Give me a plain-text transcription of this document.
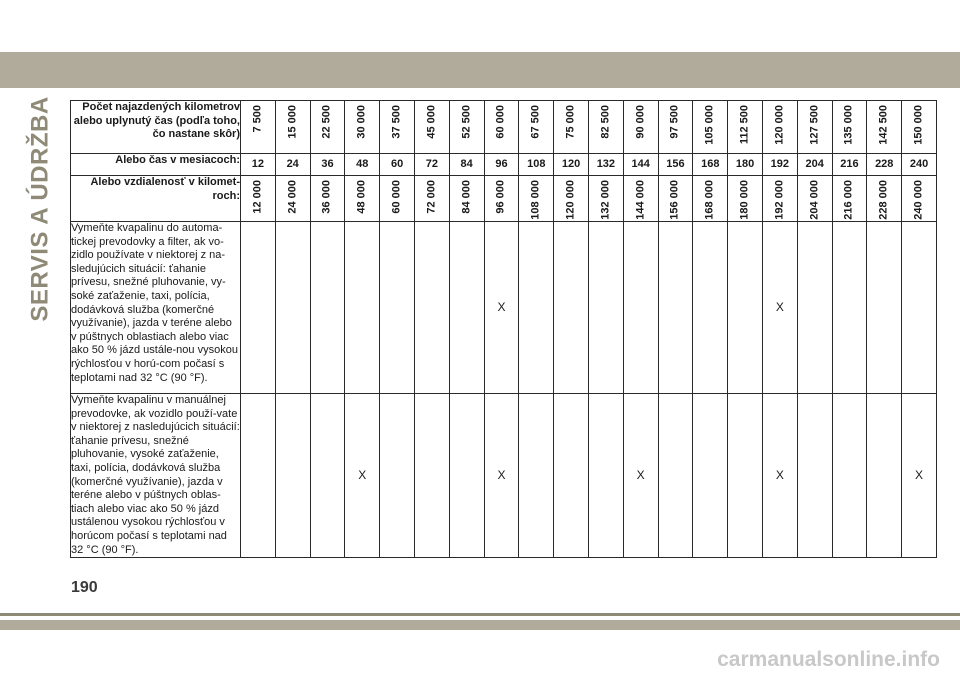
SERVIS A ÚDRŽBA	Počet najazdených kilometrov alebo uplynutý čas (podľa toho, čo nastane skôr)	7 500	15 000	22 500	30 000	37 500	45 000	52 500	60 000	67 500	75 000	82 500	90 000	97 500	105 000	112 500	120 000	127 500	135 000	142 500	150 000

Alebo čas v mesiacoch:	12	24	36	48	60	72	84	96	108	120	132	144	156	168	180	192	204	216	228	240
Alebo vzdialenosť v kilomet-roch:	12 000	24 000	36 000	48 000	60 000	72 000	84 000	96 000	108 000	120 000	132 000	144 000	156 000	168 000	180 000	192 000	204 000	216 000	228 000	240 000

Vymeňte kvapalinu do automa-tickej prevodovky a filter, ak vo-zidlo používate v niektorej z na-sledujúcich situácií: ťahanie prívesu, snežné pluhovanie, vy-soké zaťaženie, taxi, polícia, dodávková služba (komerčné využívanie), jazda v teréne alebo v púštnych oblastiach alebo viac ako 50 % jázd ustále-nou vysokou rýchlosťou v horú-com počasí s teplotami nad 32 °C (90 °F).								X								X				
Vymeňte kvapalinu v manuálnej prevodovke, ak vozidlo použí-vate v niektorej z nasledujúcich situácií: ťahanie prívesu, snežné pluhovanie, vysoké zaťaženie, taxi, polícia, dodávková služba (komerčné využívanie), jazda v teréne alebo v púštnych oblas-tiach alebo viac ako 50 % jázd ustálenou vysokou rýchlosťou v horúcom počasí s teplotami nad 32 °C (90 °F).				X				X				X				X				X
190
carmanualsonline.info
